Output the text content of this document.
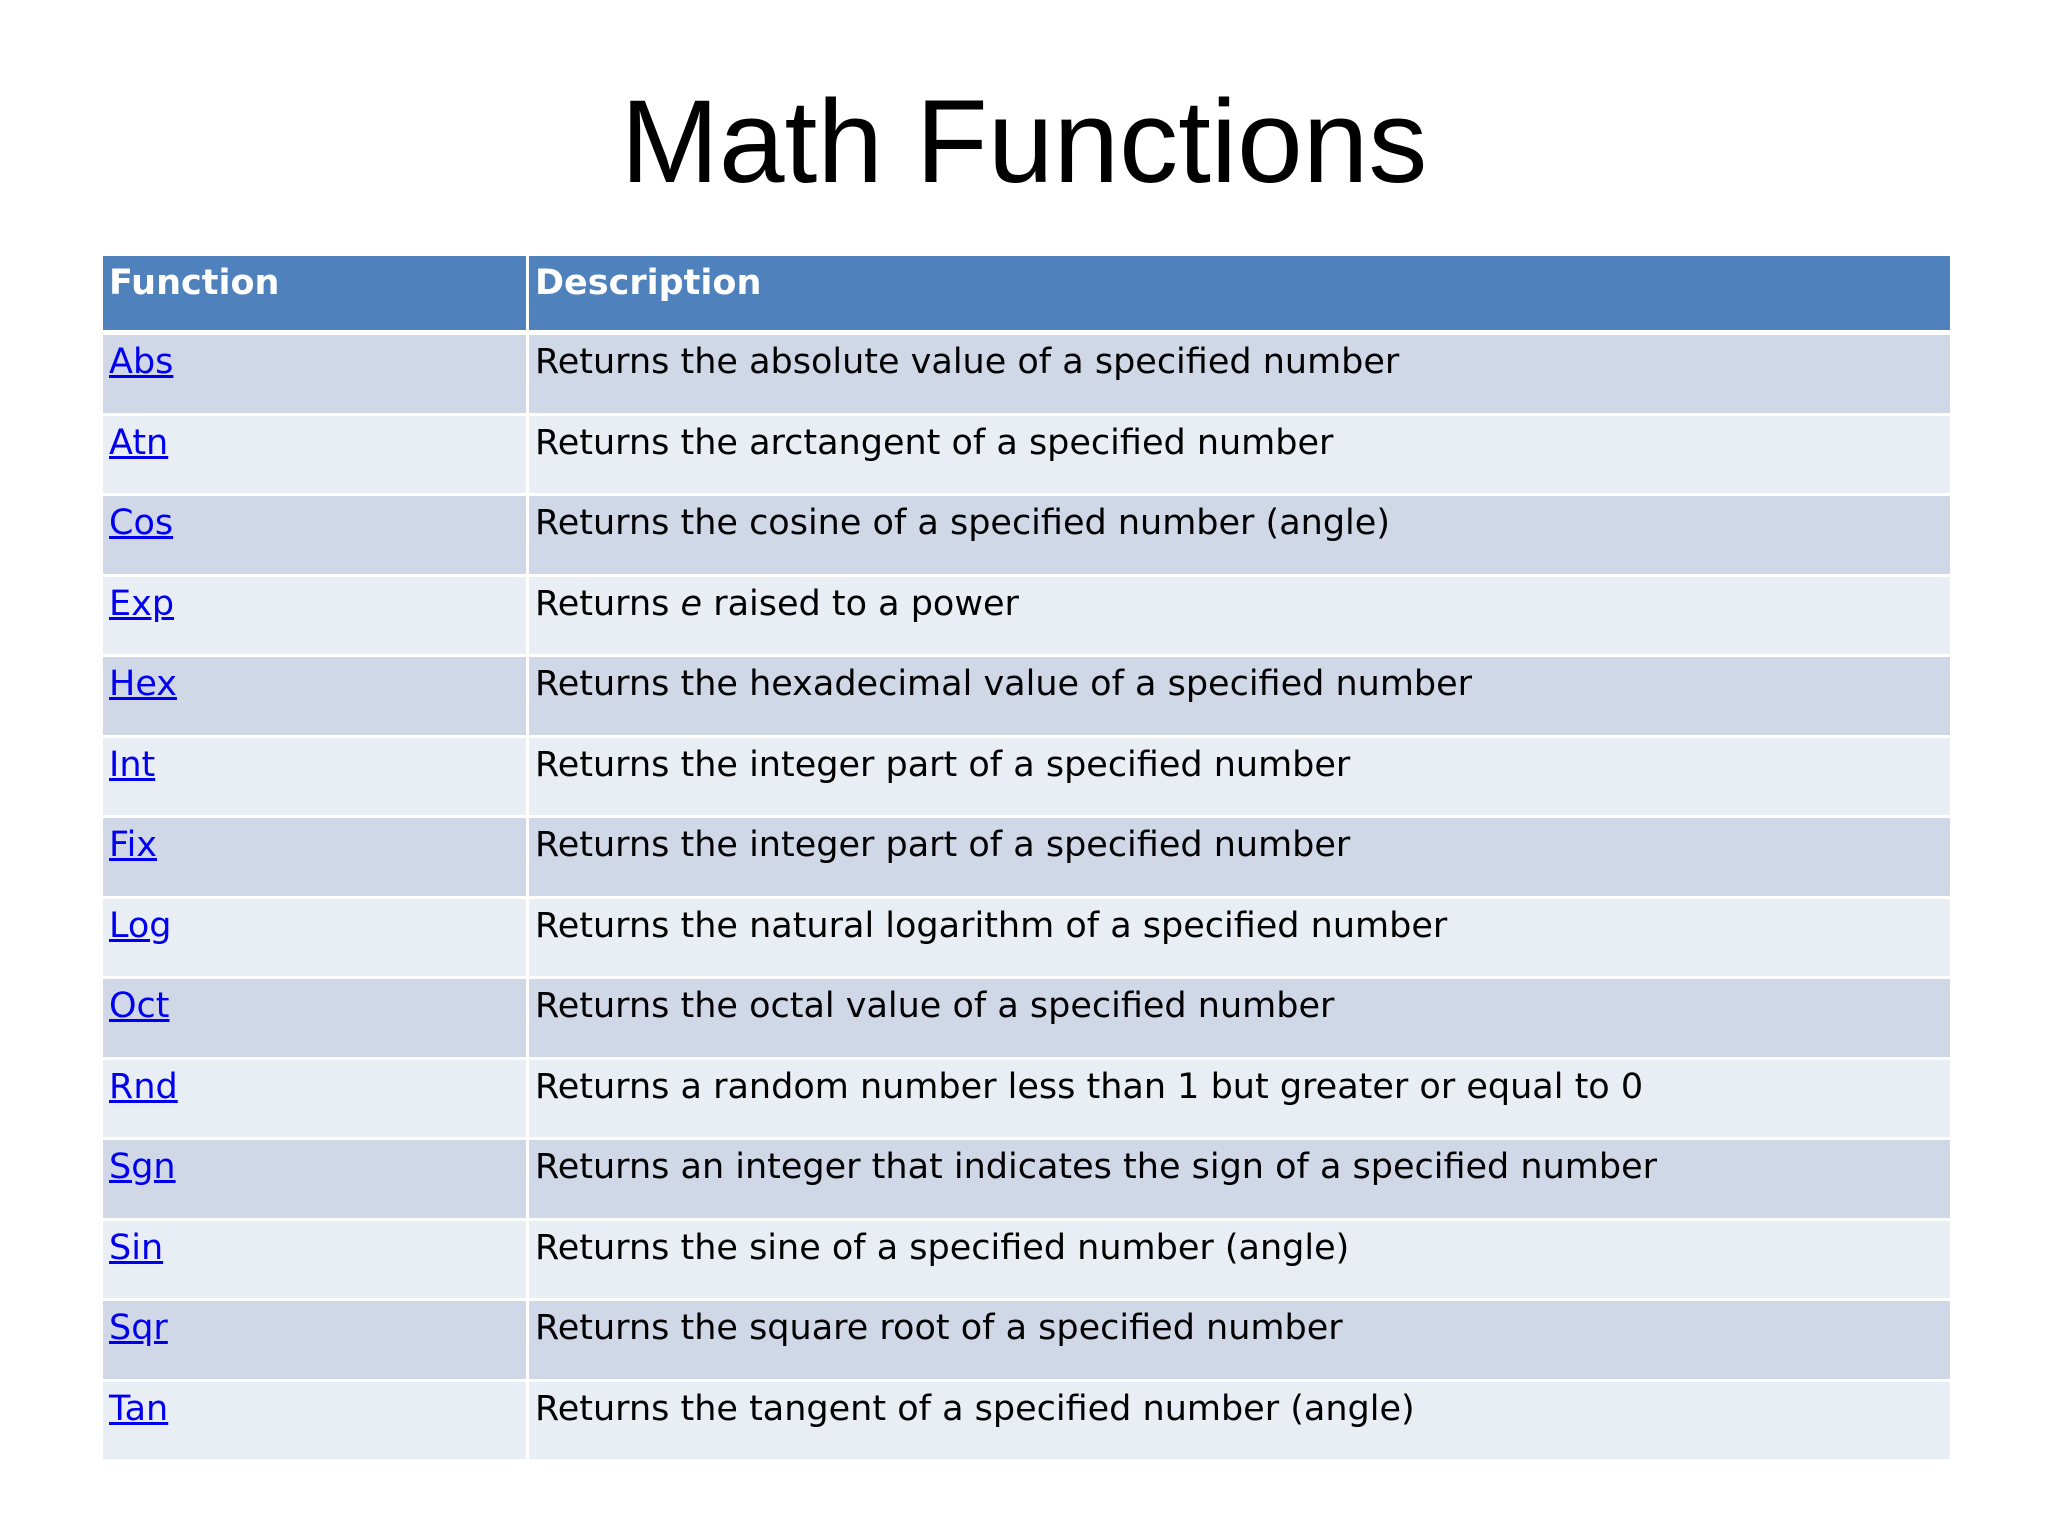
Math Functions
Function	Description
Abs	Returns the absolute value of a specified number
Atn	Returns the arctangent of a specified number
Cos	Returns the cosine of a specified number (angle)
Exp	Returns e raised to a power
Hex	Returns the hexadecimal value of a specified number
Int	Returns the integer part of a specified number
Fix	Returns the integer part of a specified number
Log	Returns the natural logarithm of a specified number
Oct	Returns the octal value of a specified number
Rnd	Returns a random number less than 1 but greater or equal to 0
Sgn	Returns an integer that indicates the sign of a specified number
Sin	Returns the sine of a specified number (angle)
Sqr	Returns the square root of a specified number
Tan	Returns the tangent of a specified number (angle)
